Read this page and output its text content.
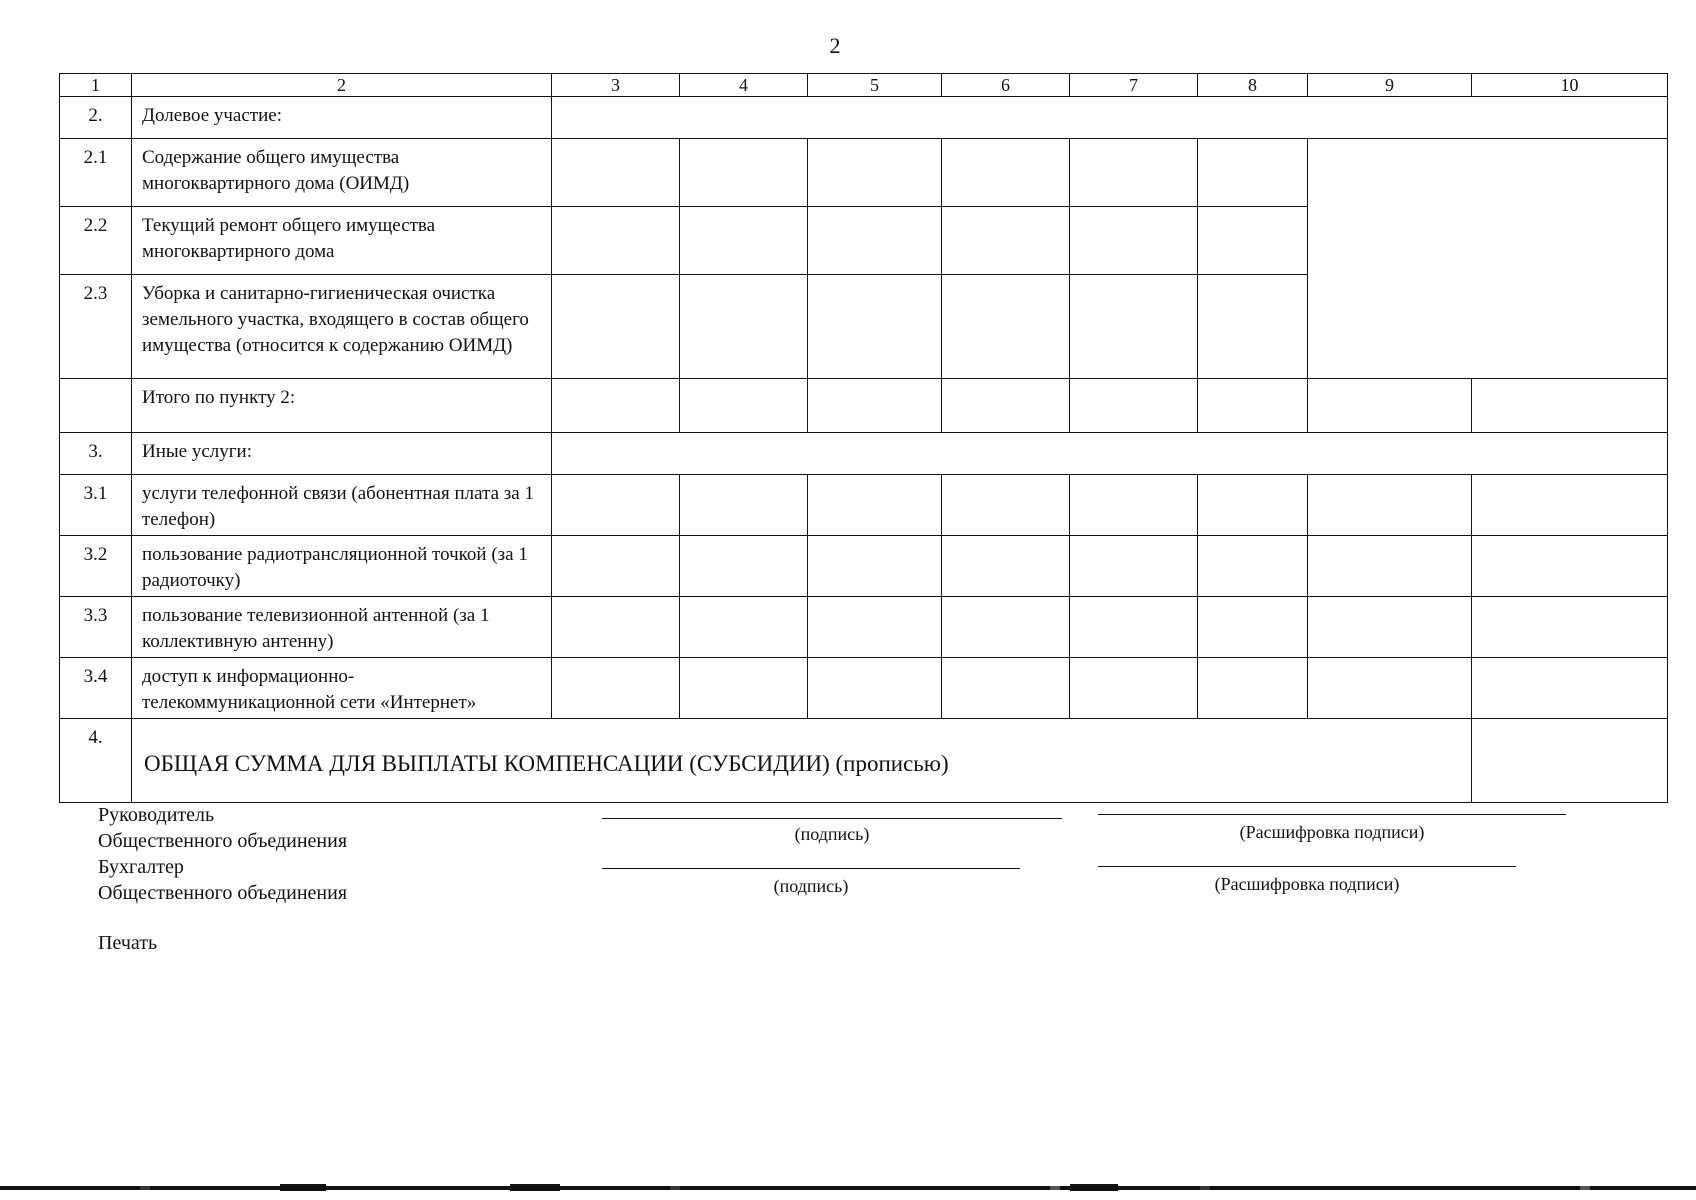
2
1	2	3	4	5	6	7	8	9	10
2.	Долевое участие:								
2.1	Содержание общего имущества многоквартирного дома (ОИМД)								
2.2	Текущий ремонт общего имущества многоквартирного дома								
2.3	Уборка и санитарно-гигиеническая очистка земельного участка, входящего в состав общего имущества (относится к содержанию ОИМД)								
	Итого по пункту 2:								
3.	Иные услуги:								
3.1	услуги телефонной связи (абонентная плата за 1 телефон)								
3.2	пользование радиотрансляционной точкой (за 1 радиоточку)								
3.3	пользование телевизионной антенной (за 1 коллективную антенну)								
3.4	доступ к информационно-телекоммуникационной сети «Интернет»								
4.	ОБЩАЯ СУММА ДЛЯ ВЫПЛАТЫ КОМПЕНСАЦИИ (СУБСИДИИ) (прописью)								
Руководитель
Общественного объединения	(подпись)	(Расшифровка подписи)
Бухгалтер
Общественного объединения	(подпись)	(Расшифровка подписи)
Печать
